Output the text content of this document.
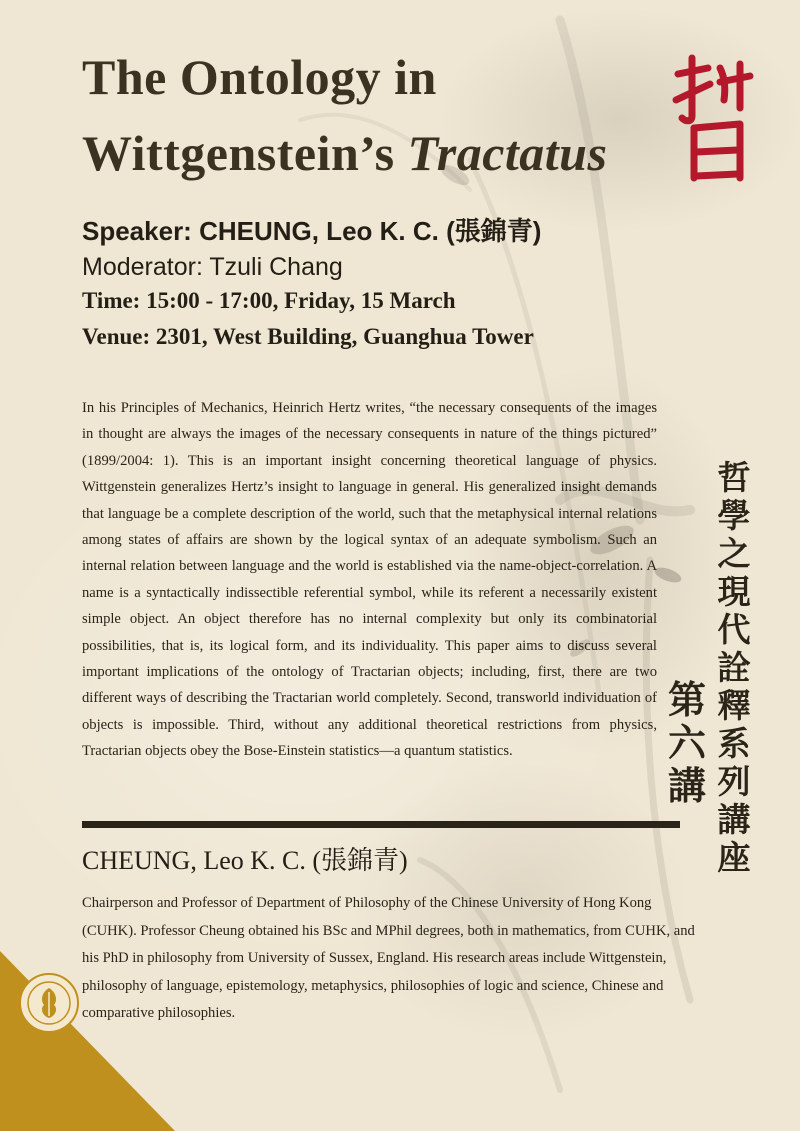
The Ontology in
Wittgenstein’s Tractatus

Speaker: CHEUNG, Leo K. C. (張錦青)

Moderator: Tzuli Chang

Time: 15:00 - 17:00, Friday, 15 March

Venue: 2301, West Building, Guanghua Tower

In his Principles of Mechanics, Heinrich Hertz writes, “the necessary consequents of the images in thought are always the images of the necessary consequents in nature of the things pictured” (1899/2004: 1). This is an important insight concerning theoretical language of physics. Wittgenstein generalizes Hertz’s insight to language in general. His generalized insight demands that language be a complete description of the world, such that the metaphysical internal relations among states of affairs are shown by the logical syntax of an adequate symbolism. Such an internal relation between language and the world is established via the name-object-correlation. A name is a syntactically indissectible referential symbol, while its referent a necessarily existent simple object. An object therefore has no internal complexity but only its combinatorial possibilities, that is, its logical form, and its individuality. This paper aims to discuss several important implications of the ontology of Tractarian objects; including, first, there are two different ways of describing the Tractarian world completely. Second, transworld individuation of objects is impossible. Third, without any additional theoretical restrictions from physics, Tractarian objects obey the Bose-Einstein statistics—a quantum statistics.

哲學之現代詮釋系列講座
第六講
CHEUNG, Leo K. C. (張錦青)

Chairperson and Professor of Department of Philosophy of the Chinese University of Hong Kong (CUHK). Professor Cheung obtained his BSc and MPhil degrees, both in mathematics, from CUHK, and his PhD in philosophy from University of Sussex, England. His research areas include Wittgenstein, philosophy of language, epistemology, metaphysics, philosophies of logic and science, Chinese and comparative philosophies.
